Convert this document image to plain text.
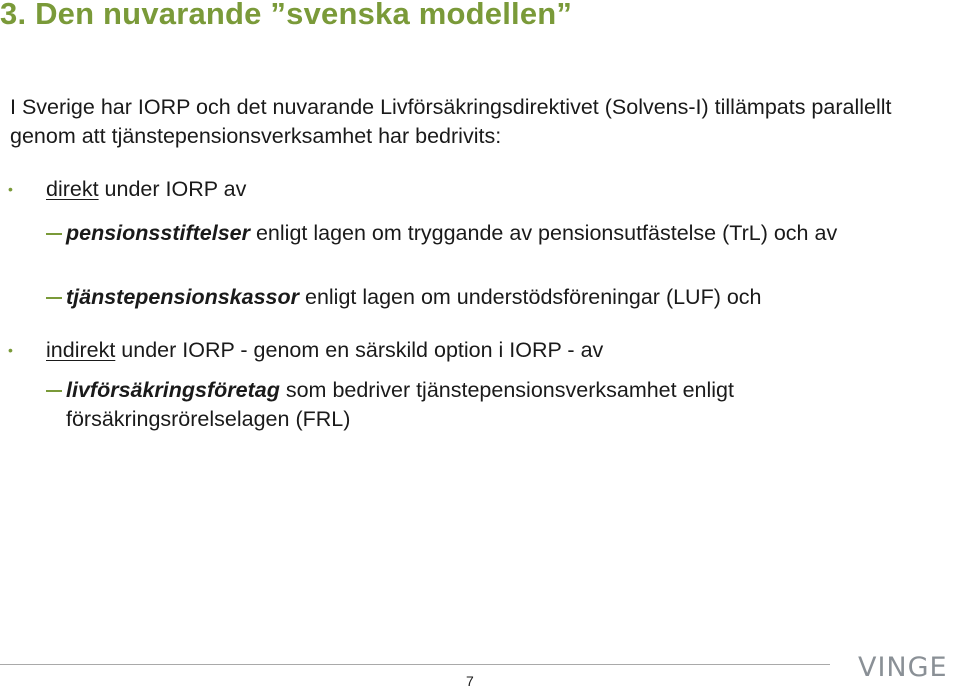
3. Den nuvarande ”svenska modellen”
I Sverige har IORP och det nuvarande Livförsäkringsdirektivet (Solvens-I) tillämpats parallellt genom att tjänstepensionsverksamhet har bedrivits:
• direkt under IORP av
pensionsstiftelser enligt lagen om tryggande av pensionsutfästelse (TrL) och av
tjänstepensionskassor enligt lagen om understödsföreningar (LUF) och
• indirekt under IORP - genom en särskild option i IORP - av
livförsäkringsföretag som bedriver tjänstepensionsverksamhet enligt försäkringsrörelselagen (FRL)
7	VINGE
